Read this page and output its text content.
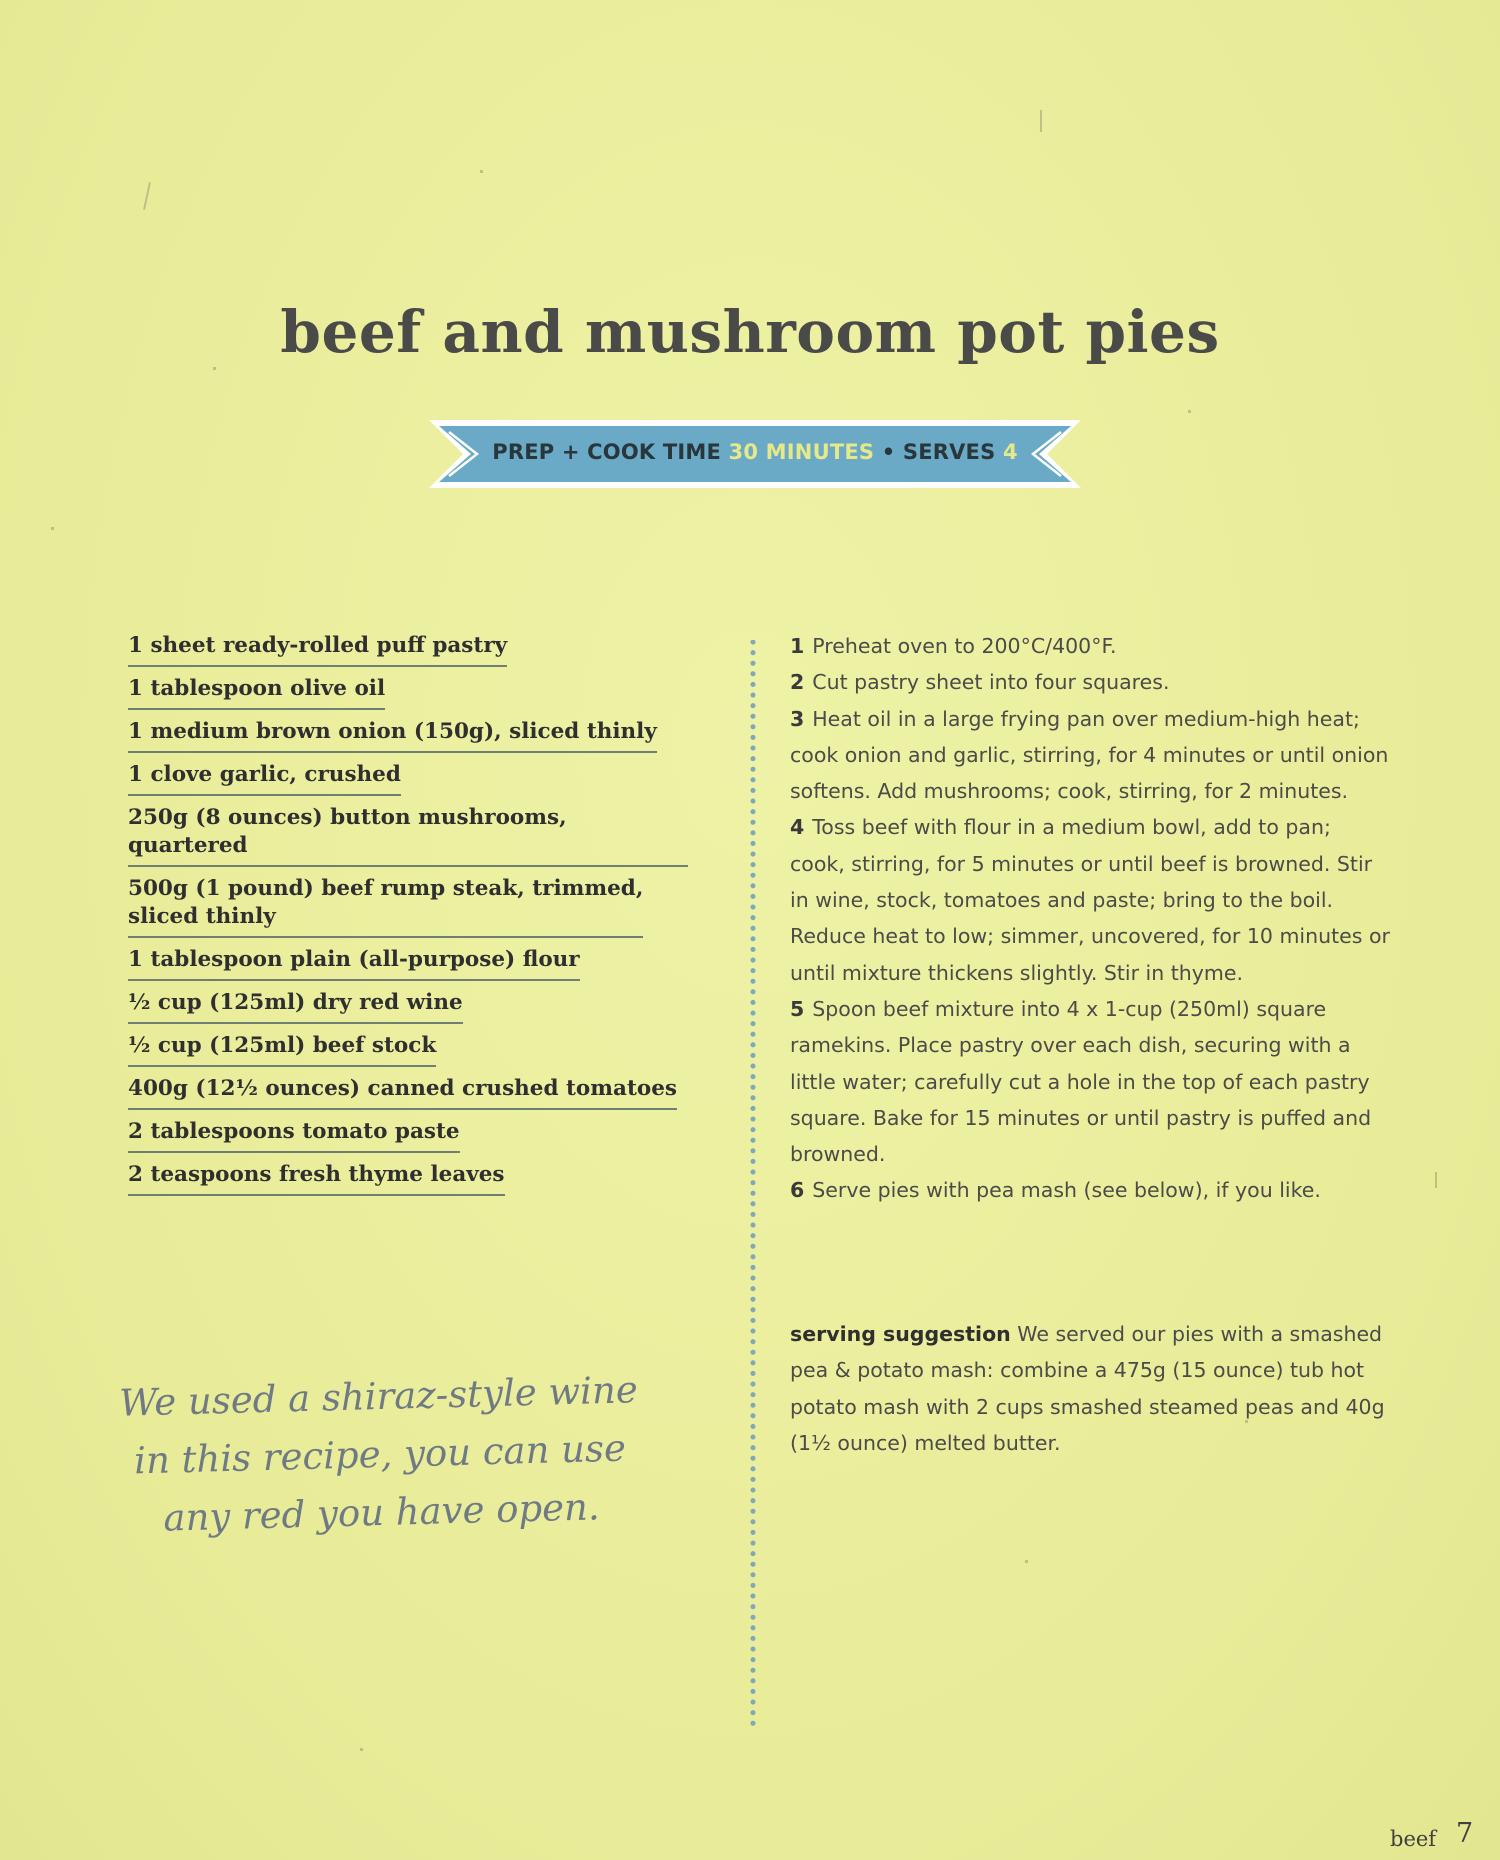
beef and mushroom pot pies
PREP + COOK TIME 30 MINUTES • SERVES 4
1 sheet ready-rolled puff pastry
1 tablespoon olive oil
1 medium brown onion (150g), sliced thinly
1 clove garlic, crushed
250g (8 ounces) button mushrooms, quartered
500g (1 pound) beef rump steak, trimmed,
sliced thinly
1 tablespoon plain (all-purpose) flour
½ cup (125ml) dry red wine
½ cup (125ml) beef stock
400g (12½ ounces) canned crushed tomatoes
2 tablespoons tomato paste
2 teaspoons fresh thyme leaves

1 Preheat oven to 200°C/400°F.

2 Cut pastry sheet into four squares.

3 Heat oil in a large frying pan over medium-high heat; cook onion and garlic, stirring, for 4 minutes or until onion softens. Add mushrooms; cook, stirring, for 2 minutes.

4 Toss beef with flour in a medium bowl, add to pan; cook, stirring, for 5 minutes or until beef is browned. Stir in wine, stock, tomatoes and paste; bring to the boil. Reduce heat to low; simmer, uncovered, for 10 minutes or until mixture thickens slightly. Stir in thyme.

5 Spoon beef mixture into 4 x 1-cup (250ml) square ramekins. Place pastry over each dish, securing with a little water; carefully cut a hole in the top of each pastry square. Bake for 15 minutes or until pastry is puffed and browned.

6 Serve pies with pea mash (see below), if you like.

serving suggestion We served our pies with a smashed pea & potato mash: combine a 475g (15 ounce) tub hot potato mash with 2 cups smashed steamed peas and 40g (1½ ounce) melted butter.

We used a shiraz-style wine
in this recipe, you can use
any red you have open.
beef 7
